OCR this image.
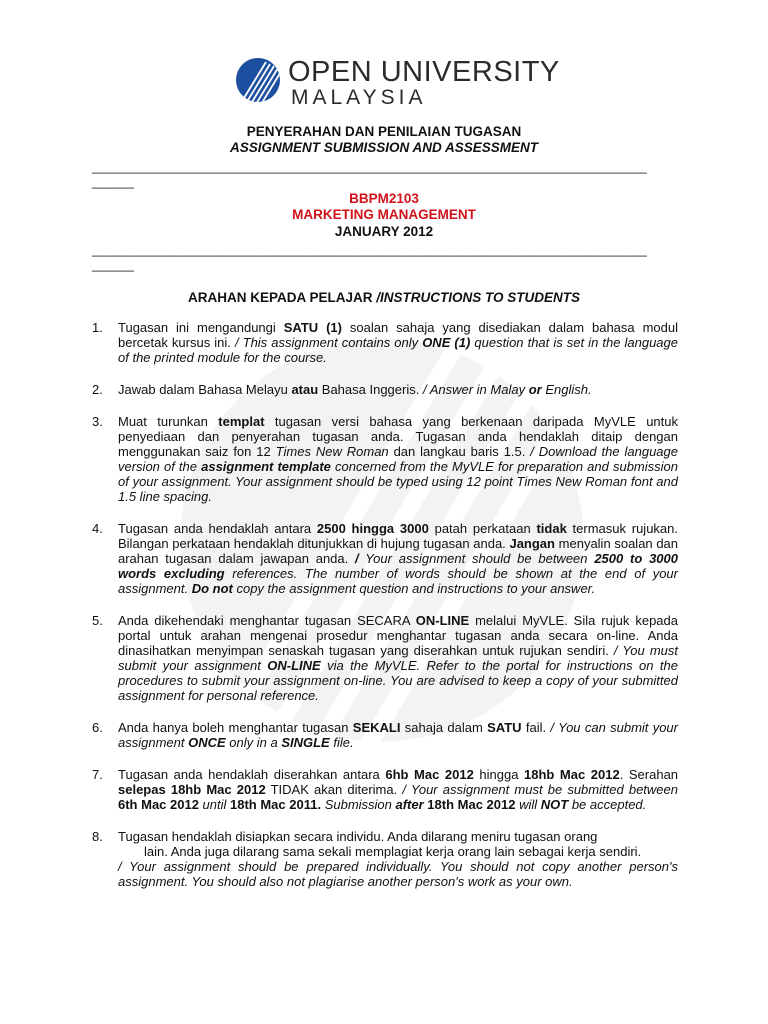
OPEN UNIVERSITY
MALAYSIA
PENYERAHAN DAN PENILAIAN TUGASAN
ASSIGNMENT SUBMISSION AND ASSESSMENT
________________________________________________________________________________
______
BBPM2103
MARKETING MANAGEMENT
JANUARY 2012
________________________________________________________________________________
______
ARAHAN KEPADA PELAJAR /INSTRUCTIONS TO STUDENTS
1. Tugasan ini mengandungi SATU (1) soalan sahaja yang disediakan dalam bahasa modul bercetak kursus ini. / This assignment contains only ONE (1) question that is set in the language of the printed module for the course.
2. Jawab dalam Bahasa Melayu atau Bahasa Inggeris. / Answer in Malay or English.
3. Muat turunkan templat tugasan versi bahasa yang berkenaan daripada MyVLE untuk penyediaan dan penyerahan tugasan anda. Tugasan anda hendaklah ditaip dengan menggunakan saiz fon 12 Times New Roman dan langkau baris 1.5. / Download the language version of the assignment template concerned from the MyVLE for preparation and submission of your assignment. Your assignment should be typed using 12 point Times New Roman font and 1.5 line spacing.
4. Tugasan anda hendaklah antara 2500 hingga 3000 patah perkataan tidak termasuk rujukan. Bilangan perkataan hendaklah ditunjukkan di hujung tugasan anda. Jangan menyalin soalan dan arahan tugasan dalam jawapan anda. / Your assignment should be between 2500 to 3000 words excluding references. The number of words should be shown at the end of your assignment. Do not copy the assignment question and instructions to your answer.
5. Anda dikehendaki menghantar tugasan SECARA ON-LINE melalui MyVLE. Sila rujuk kepada portal untuk arahan mengenai prosedur menghantar tugasan anda secara on-line. Anda dinasihatkan menyimpan senaskah tugasan yang diserahkan untuk rujukan sendiri. / You must submit your assignment ON-LINE via the MyVLE. Refer to the portal for instructions on the procedures to submit your assignment on-line. You are advised to keep a copy of your submitted assignment for personal reference.
6. Anda hanya boleh menghantar tugasan SEKALI sahaja dalam SATU fail. / You can submit your assignment ONCE only in a SINGLE file.
7. Tugasan anda hendaklah diserahkan antara 6hb Mac 2012 hingga 18hb Mac 2012. Serahan selepas 18hb Mac 2012 TIDAK akan diterima. / Your assignment must be submitted between 6th Mac 2012 until 18th Mac 2011. Submission after 18th Mac 2012 will NOT be accepted.
8. Tugasan hendaklah disiapkan secara individu. Anda dilarang meniru tugasan orang
lain. Anda juga dilarang sama sekali memplagiat kerja orang lain sebagai kerja sendiri.
/ Your assignment should be prepared individually. You should not copy another person's assignment. You should also not plagiarise another person's work as your own.
